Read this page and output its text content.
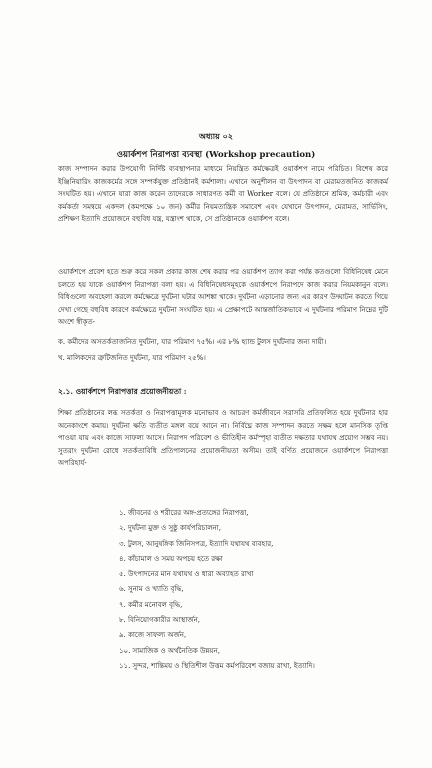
অধ্যায় ০২
ওয়ার্কশপ নিরাপত্তা ব্যবস্থা (Workshop precaution)
কাজ সম্পাদন করার উপযোগী নির্দিষ্ট ব্যবস্থাপনার মাধ্যমে নিয়ন্ত্রিত কর্মক্ষেত্রই ওয়ার্কশপ নামে পরিচিত। বিশেষ করে ইঞ্জিনিয়ারিং কাজকর্মের সঙ্গে সম্পর্কযুক্ত প্রতিষ্ঠানই কর্মশালা। এখানে অনুশীলন বা উৎপাদন বা মেরামতজনিত কাজকর্ম সংঘটিত হয়। এখানে যারা কাজ করেন তাদেরকে সাধারণত কর্মী বা Worker বলে। যে প্রতিষ্ঠানে শ্রমিক, কর্মচারী এবং কর্মকর্তা সমন্বয়ে একদল (কমপক্ষে ১০ জন) কর্মীর নিয়মতান্ত্রিক সমাবেশ এবং যেখানে উৎপাদন, মেরামত, সার্ভিসিং, প্রশিক্ষণ ইত্যাদি প্রয়োজনে বহুবিধ যন্ত্র, যন্ত্রাংশ থাকে, সে প্রতিষ্ঠানকে ওয়ার্কশপ বলে।
ওয়ার্কশপে প্রবেশ হতে শুরু করে সকল প্রকার কাজ শেষ করার পর ওয়ার্কশপ ত্যাগ করা পর্যন্ত কতগুলো বিধিনিষেধ মেনে চলতে হয় যাকে ওয়ার্কশপ নিরাপত্তা বলা হয়। এ বিধিনিষেধসমূহকে ওয়ার্কশপে নিরাপদে কাজ করার নিয়মকানুন বলে। বিধিগুলো অবহেলা করলে কর্মক্ষেত্রে দুর্ঘটনা ঘটার আশঙ্কা থাকে। দুর্ঘটনা এড়ানোর জন্য এর কারণ উদ্ঘাটন করতে গিয়ে দেখা গেছে বহুবিধ কারণে কর্মক্ষেত্রে দুর্ঘটনা সংঘটিত হয়। এ প্রেক্ষাপটে আন্তর্জাতিকভাবে এ দুর্ঘটনার পরিমাণ নিম্নের দুটি অংশে স্বীকৃত-
ক. কর্মীদের অসতর্কতাজনিত দুর্ঘটনা, যার পরিমাণ ৭৫%। এর ৮% হ্যান্ড টুলস দুর্ঘটনার জন্য দায়ী।
খ. মালিকদের ত্রুটিজনিত দুর্ঘটনা, যার পরিমাণ ২৫%।
২.১. ওয়ার্কশপে নিরাপত্তার প্রয়োজনীয়তা :
শিক্ষা প্রতিষ্ঠানের লব্ধ সতর্কতা ও নিরাপত্তামূলক মনোভাব ও আচরণ কর্মজীবনে সরাসরি প্রতিফলিত হয়ে দুর্ঘটনার হার অনেকাংশে কমায়। দুর্ঘটনা ক্ষতি ব্যতীত মঙ্গল বয়ে আনে না। নির্বিঘ্নে কাজ সম্পাদন করতে সক্ষম হলে মানসিক তৃপ্তি পাওয়া যায় এবং কাজে সাফল্য আসে। নিরাপদ পরিবেশ ও ভীতিহীন কর্মস্পৃহা ব্যতীত দক্ষতার যথাযথ প্রয়োগ সম্ভব নয়। সুতরাং দুর্ঘটনা রোধে সতর্কতাবিধি প্রতিপালনের প্রয়োজনীয়তা অসীম। তাই বর্ণিত প্রয়োজনে ওয়ার্কশপে নিরাপত্তা অপরিহার্য-
১. জীবনের ও শরীরের অঙ্গ-প্রত্যঙ্গের নিরাপত্তা,
২. দুর্ঘটনা মুক্ত ও সুষ্ঠু কার্যপরিচালনা,
৩. টুলস, আনুষঙ্গিক জিনিসপত্র, ইত্যাদি যথাযথ ব্যবহার,
৪. কাঁচামাল ও সময় অপচয় হতে রক্ষা
৫. উৎপাদনের মান যথাযথ ও ধারা অব্যাহত রাখা
৬. সুনাম ও খ্যাতি বৃদ্ধি,
৭. কর্মীর মনোবল বৃদ্ধি,
৮. বিনিয়োগকারীর আস্থার্জন,
৯. কাজে সাফল্য অর্জন,
১০. সামাজিক ও অর্থনৈতিক উন্নয়ন,
১১. সুন্দর, শান্তিময় ও স্থিতিশীল উত্তম কর্মপরিবেশ বজায় রাখা, ইত্যাদি।
